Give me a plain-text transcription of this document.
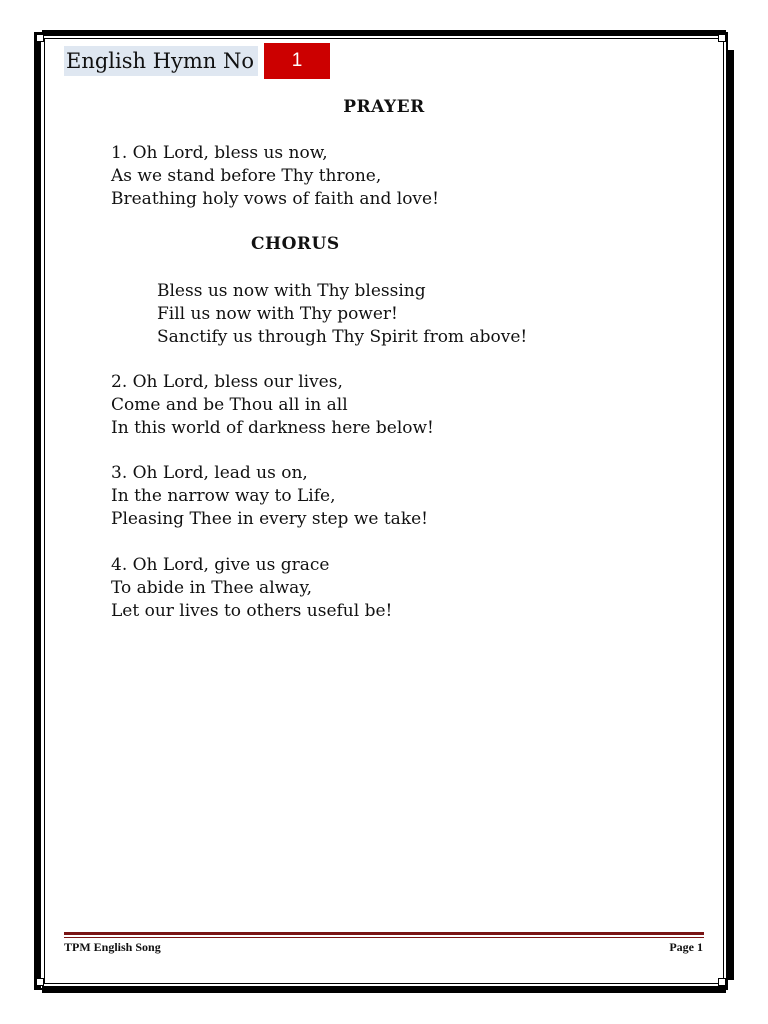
English Hymn No	1
PRAYER
1. Oh Lord, bless us now,
As we stand before Thy throne,
Breathing holy vows of faith and love!
CHORUS
Bless us now with Thy blessing
Fill us now with Thy power!
Sanctify us through Thy Spirit from above!
2. Oh Lord, bless our lives,
Come and be Thou all in all
In this world of darkness here below!
3. Oh Lord, lead us on,
In the narrow way to Life,
Pleasing Thee in every step we take!
4. Oh Lord, give us grace
To abide in Thee alway,
Let our lives to others useful be!
TPM English Song	Page 1
